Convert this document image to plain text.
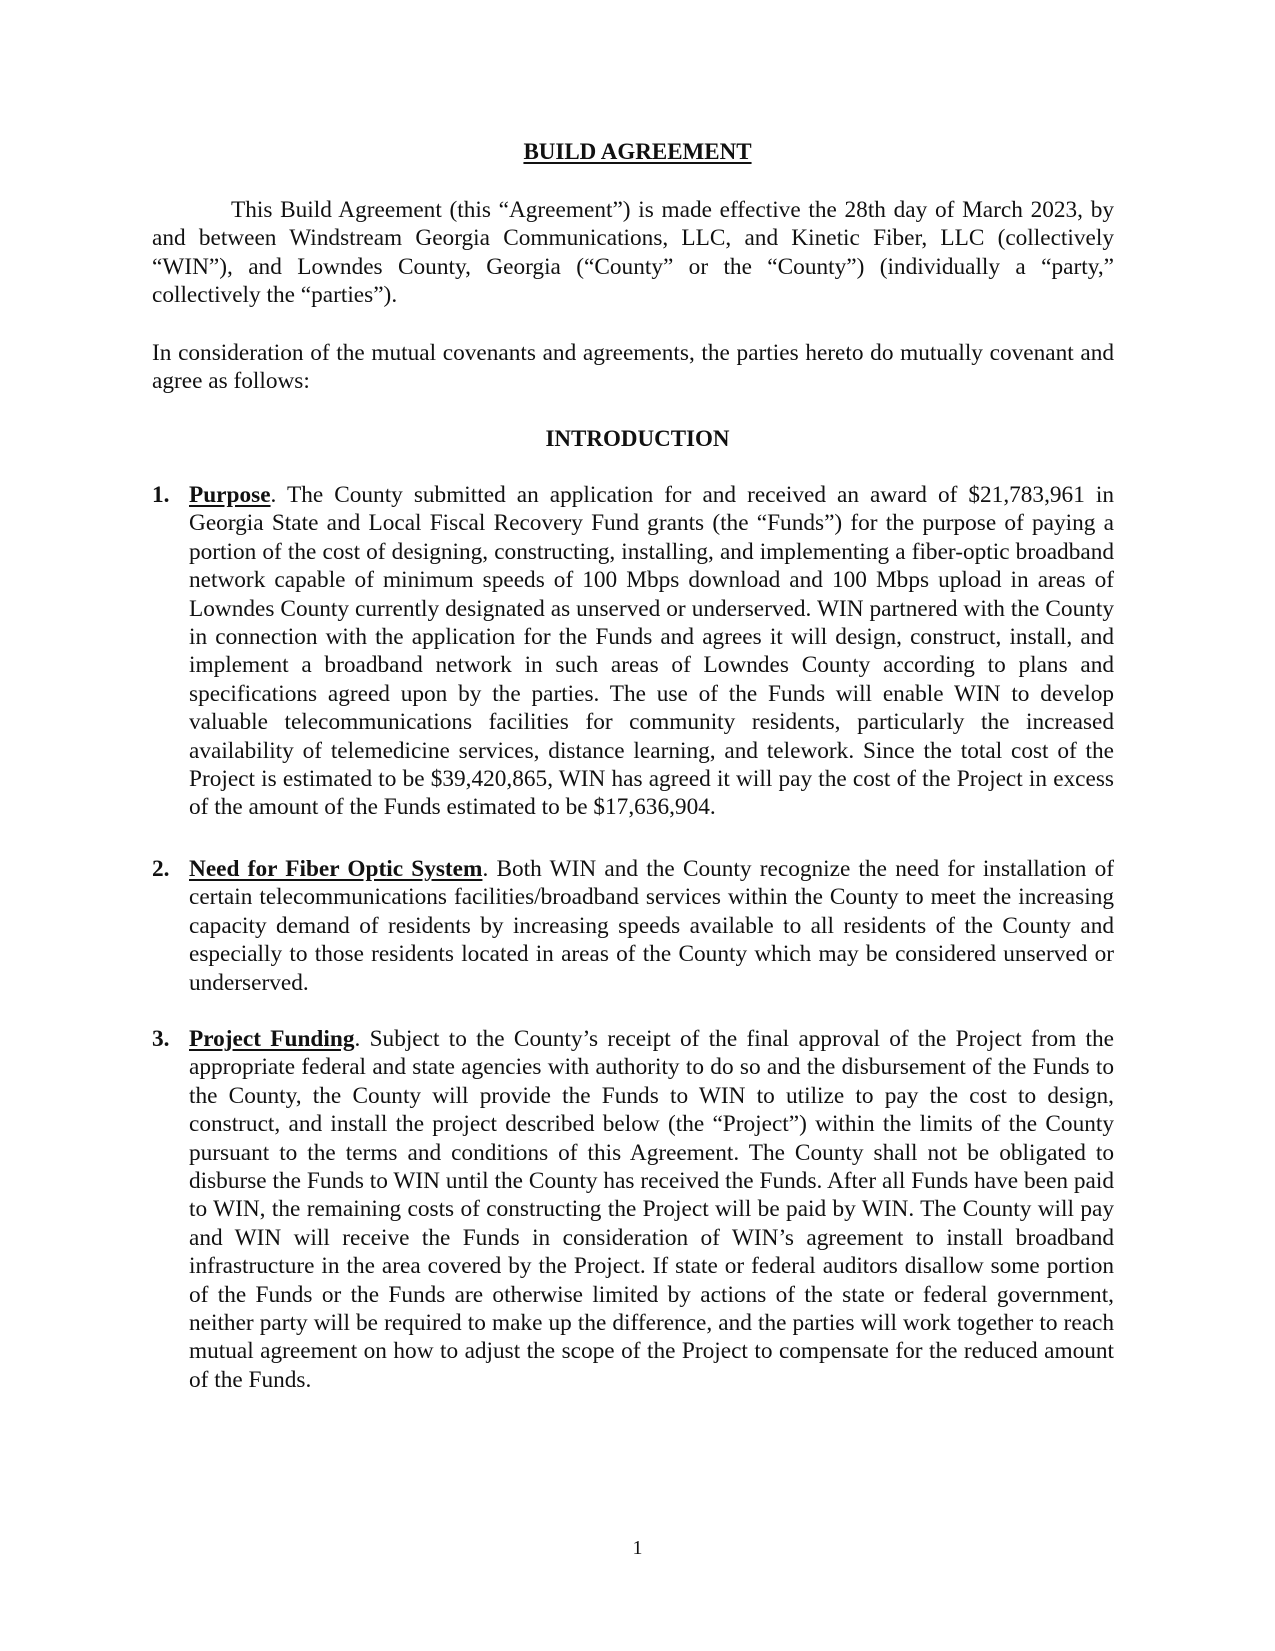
BUILD AGREEMENT
This Build Agreement (this “Agreement”) is made effective the 28th day of March 2023, by and between Windstream Georgia Communications, LLC, and Kinetic Fiber, LLC (collectively “WIN”), and Lowndes County, Georgia (“County” or the “County”) (individually a “party,” collectively the “parties”).
In consideration of the mutual covenants and agreements, the parties hereto do mutually covenant and agree as follows:
INTRODUCTION
1. Purpose. The County submitted an application for and received an award of $21,783,961 in Georgia State and Local Fiscal Recovery Fund grants (the “Funds”) for the purpose of paying a portion of the cost of designing, constructing, installing, and implementing a fiber-optic broadband network capable of minimum speeds of 100 Mbps download and 100 Mbps upload in areas of Lowndes County currently designated as unserved or underserved. WIN partnered with the County in connection with the application for the Funds and agrees it will design, construct, install, and implement a broadband network in such areas of Lowndes County according to plans and specifications agreed upon by the parties. The use of the Funds will enable WIN to develop valuable telecommunications facilities for community residents, particularly the increased availability of telemedicine services, distance learning, and telework. Since the total cost of the Project is estimated to be $39,420,865, WIN has agreed it will pay the cost of the Project in excess of the amount of the Funds estimated to be $17,636,904.
2. Need for Fiber Optic System. Both WIN and the County recognize the need for installation of certain telecommunications facilities/broadband services within the County to meet the increasing capacity demand of residents by increasing speeds available to all residents of the County and especially to those residents located in areas of the County which may be considered unserved or underserved.
3. Project Funding. Subject to the County’s receipt of the final approval of the Project from the appropriate federal and state agencies with authority to do so and the disbursement of the Funds to the County, the County will provide the Funds to WIN to utilize to pay the cost to design, construct, and install the project described below (the “Project”) within the limits of the County pursuant to the terms and conditions of this Agreement. The County shall not be obligated to disburse the Funds to WIN until the County has received the Funds. After all Funds have been paid to WIN, the remaining costs of constructing the Project will be paid by WIN. The County will pay and WIN will receive the Funds in consideration of WIN’s agreement to install broadband infrastructure in the area covered by the Project. If state or federal auditors disallow some portion of the Funds or the Funds are otherwise limited by actions of the state or federal government, neither party will be required to make up the difference, and the parties will work together to reach mutual agreement on how to adjust the scope of the Project to compensate for the reduced amount of the Funds.
1
